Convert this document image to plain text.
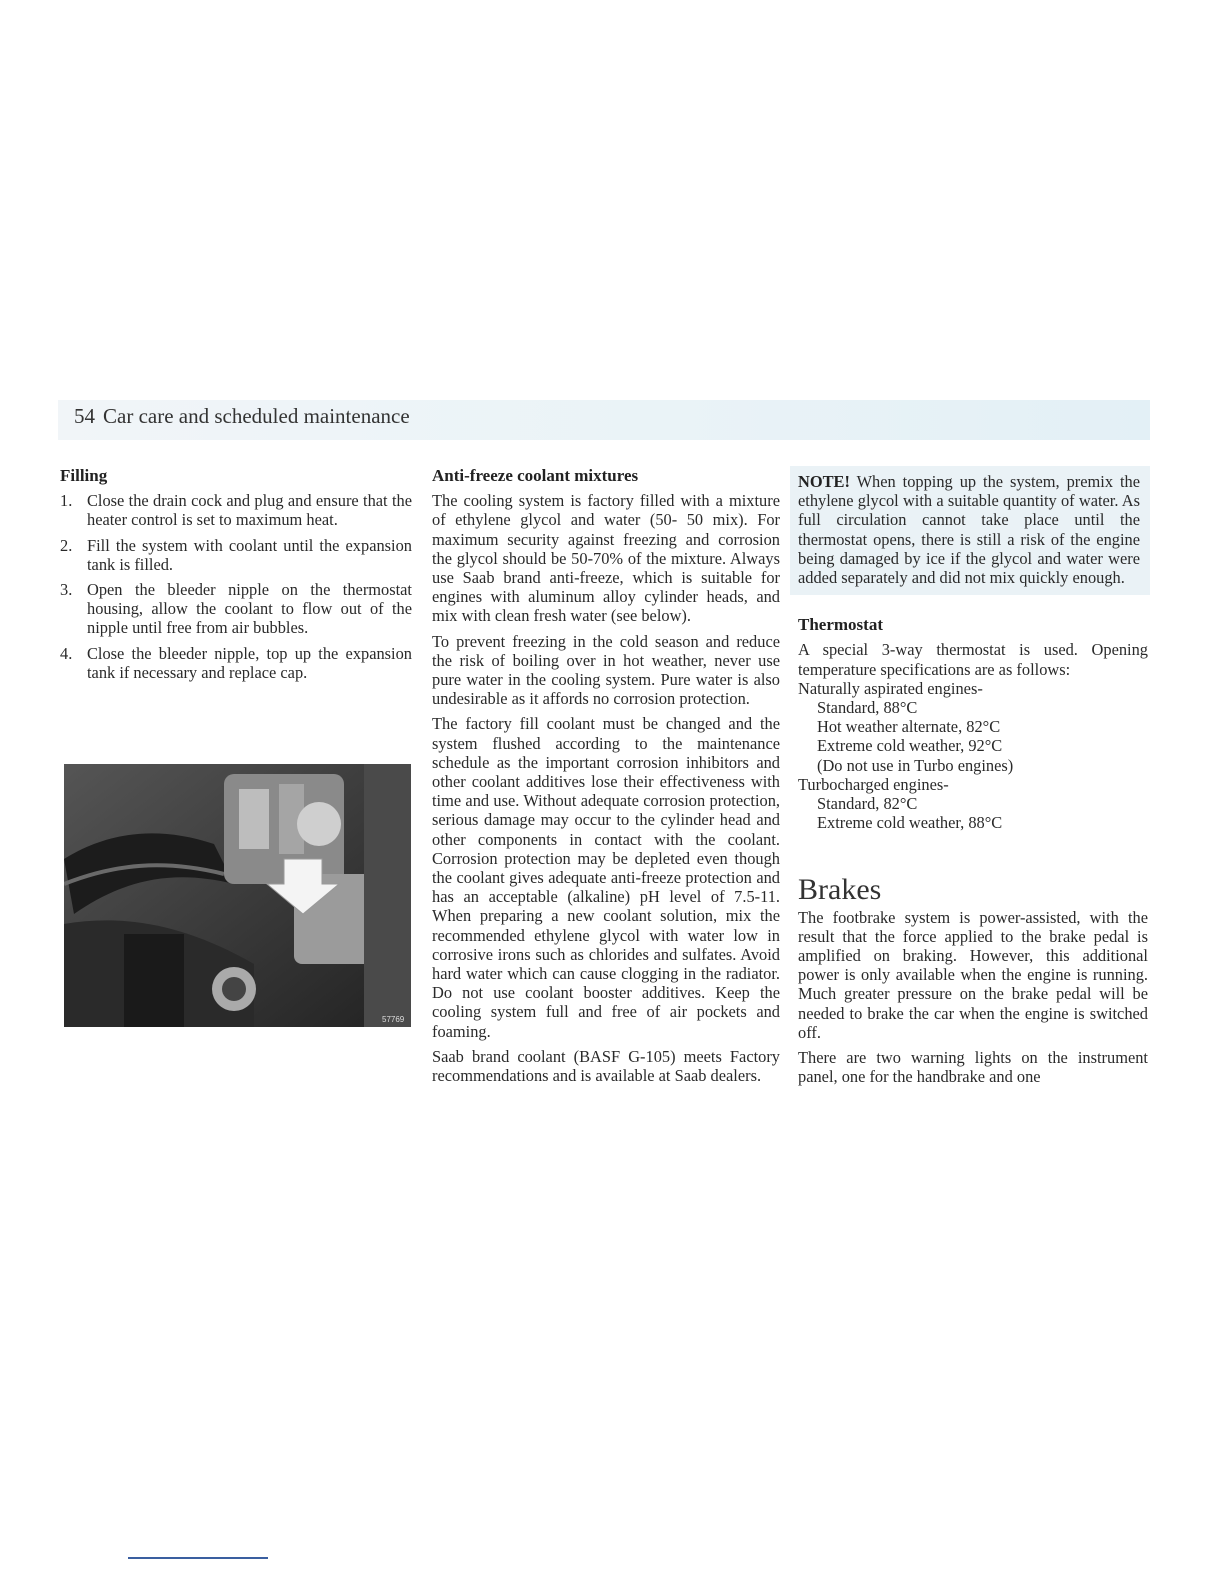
54 Car care and scheduled maintenance
Filling
1. Close the drain cock and plug and ensure that the heater control is set to maximum heat.
2. Fill the system with coolant until the expansion tank is filled.
3. Open the bleeder nipple on the thermostat housing, allow the coolant to flow out of the nipple until free from air bubbles.
4. Close the bleeder nipple, top up the expansion tank if necessary and replace cap.
57769
Anti-freeze coolant mixtures

The cooling system is factory filled with a mixture of ethylene glycol and water (50- 50 mix). For maximum security against freezing and corrosion the glycol should be 50-70% of the mixture. Always use Saab brand anti-freeze, which is suitable for engines with aluminum alloy cylinder heads, and mix with clean fresh water (see below).

To prevent freezing in the cold season and reduce the risk of boiling over in hot weather, never use pure water in the cooling system. Pure water is also undesirable as it affords no corrosion protection.

The factory fill coolant must be changed and the system flushed according to the maintenance schedule as the important corrosion inhibitors and other coolant additives lose their effectiveness with time and use. Without adequate corrosion protection, serious damage may occur to the cylinder head and other components in contact with the coolant. Corrosion protection may be depleted even though the coolant gives adequate anti-freeze protection and has an acceptable (alkaline) pH level of 7.5-11. When preparing a new coolant solution, mix the recommended ethylene glycol with water low in corrosive irons such as chlorides and sulfates. Avoid hard water which can cause clogging in the radiator. Do not use coolant booster additives. Keep the cooling system full and free of air pockets and foaming.

Saab brand coolant (BASF G-105) meets Factory recommendations and is available at Saab dealers.

NOTE! When topping up the system, premix the ethylene glycol with a suitable quantity of water. As full circulation cannot take place until the thermostat opens, there is still a risk of the engine being damaged by ice if the glycol and water were added separately and did not mix quickly enough.

Thermostat

A special 3-way thermostat is used. Opening temperature specifications are as follows:

Naturally aspirated engines-
Standard, 88°C
Hot weather alternate, 82°C
Extreme cold weather, 92°C
(Do not use in Turbo engines)
Turbocharged engines-
Standard, 82°C
Extreme cold weather, 88°C
Brakes

The footbrake system is power-assisted, with the result that the force applied to the brake pedal is amplified on braking. However, this additional power is only available when the engine is running. Much greater pressure on the brake pedal will be needed to brake the car when the engine is switched off.

There are two warning lights on the instrument panel, one for the handbrake and one
